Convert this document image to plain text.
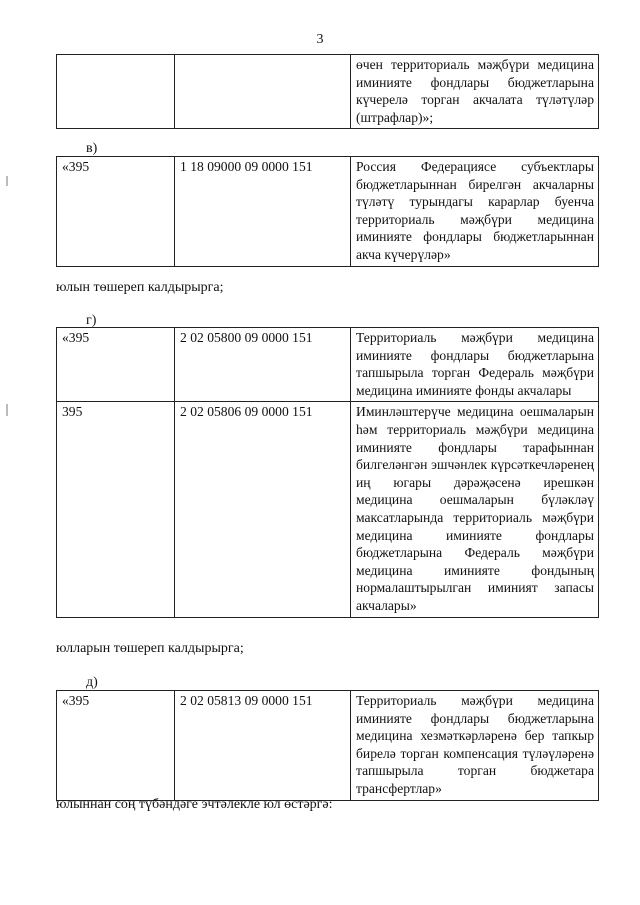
3
		өчен территориаль мәҗбүри медицина иминияте фондлары бюджетларына күчерелә торган акчалата түләтүләр (штрафлар)»;
в)
«395	1 18 09000 09 0000 151	Россия Федерациясе субъектлары бюджетларыннан бирелгән акчаларны түләтү турындагы карарлар буенча территориаль мәҗбүри медицина иминияте фондлары бюджетларыннан акча күчерүләр»
юлын төшереп калдырырга;
г)
«395	2 02 05800 09 0000 151	Территориаль мәҗбүри медицина иминияте фондлары бюджетларына тапшырыла торган Федераль мәҗбүри медицина иминияте фонды акчалары
395	2 02 05806 09 0000 151	Иминләштерүче медицина оешмаларын һәм территориаль мәҗбүри медицина иминияте фондлары тарафыннан билгеләнгән эшчәнлек күрсәткечләренең иң югары дәрәҗәсенә ирешкән медицина оешмаларын бүләкләү максатларында территориаль мәҗбүри медицина иминияте фондлары бюджетларына Федераль мәҗбүри медицина иминияте фондының нормалаштырылган иминият запасы акчалары»
юлларын төшереп калдырырга;
д)
«395	2 02 05813 09 0000 151	Территориаль мәҗбүри медицина иминияте фондлары бюджетларына медицина хезмәткәрләренә бер тапкыр бирелә торган компенсация түләүләренә тапшырыла торган бюджетара трансфертлар»
юлыннан соң түбәндәге эчтәлекле юл өстәргә:
